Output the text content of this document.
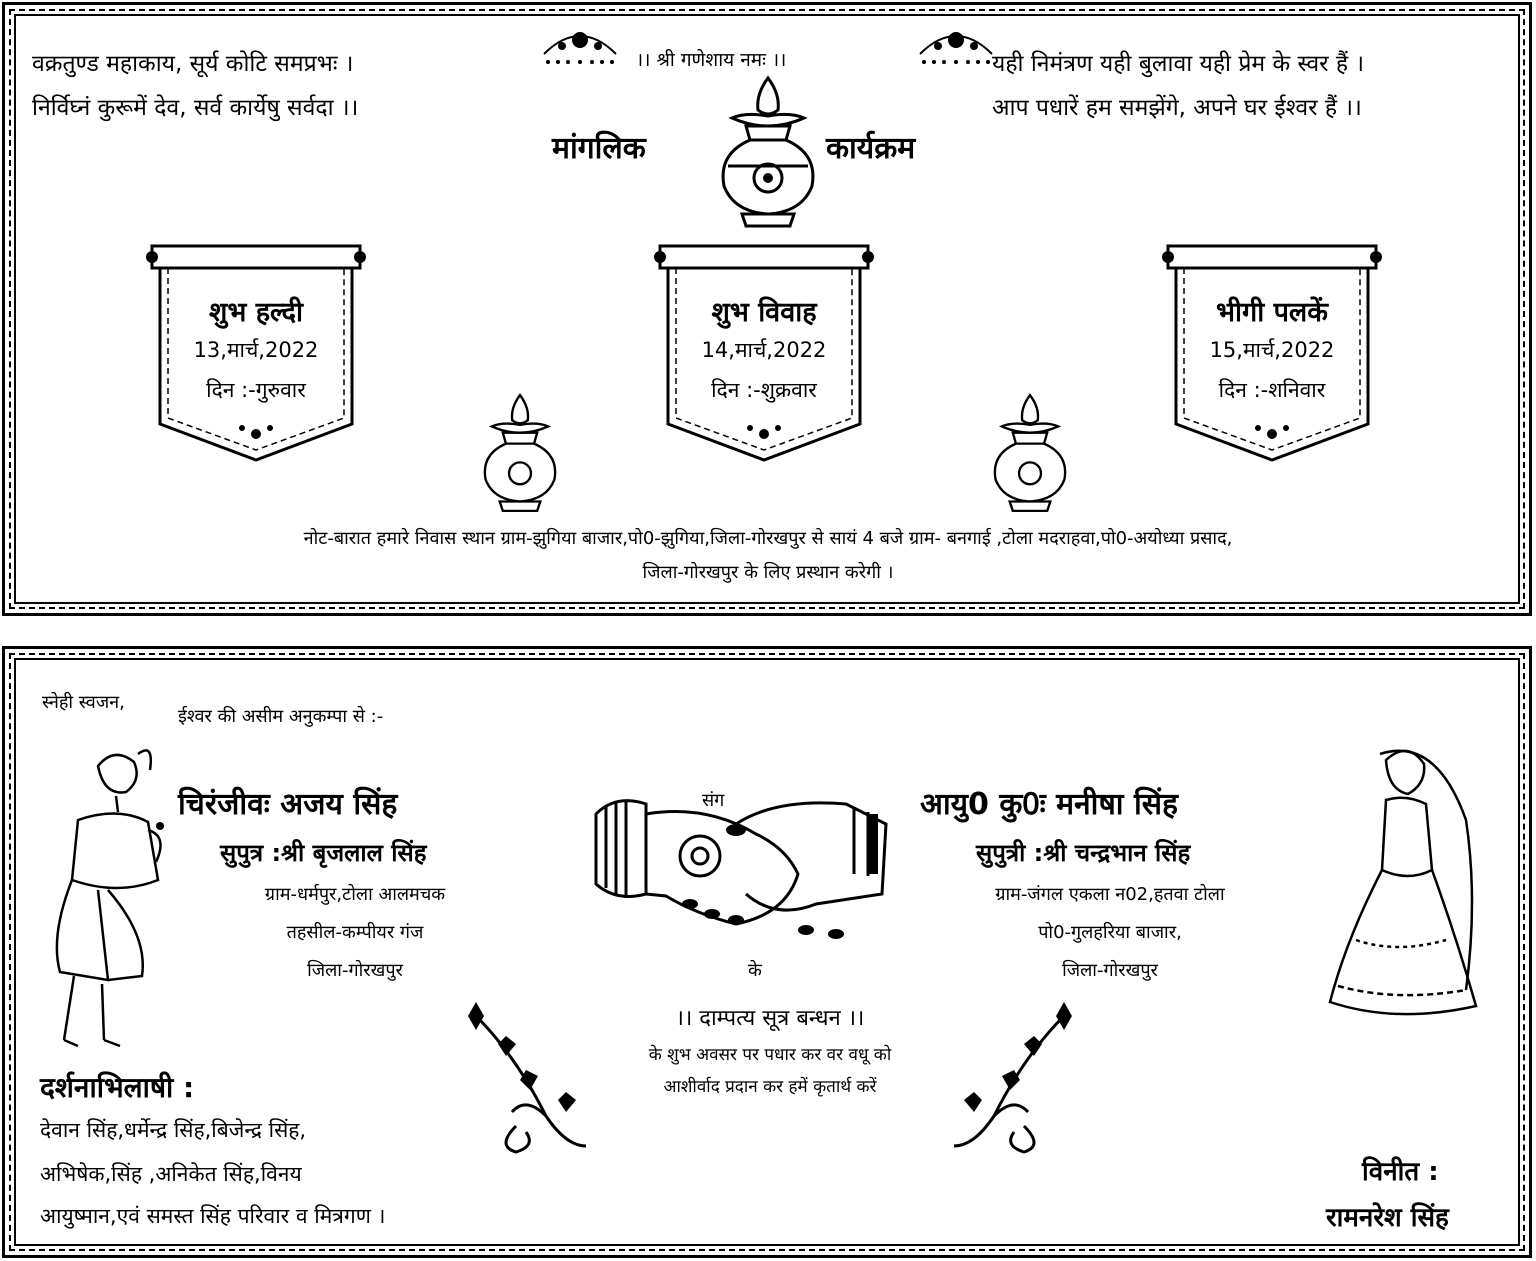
वक्रतुण्ड महाकाय, सूर्य कोटि समप्रभः ।
निर्विघ्नं कुरूमें देव, सर्व कार्येषु सर्वदा ।।
।। श्री गणेशाय नमः ।।	यही निमंत्रण यही बुलावा यही प्रेम के स्वर हैं ।
आप पधारें हम समझेंगे, अपने घर ईश्वर हैं ।।
मांगलिक	कार्यक्रम
शुभ हल्दी
13,मार्च,2022
दिन :-गुरुवार
शुभ विवाह
14,मार्च,2022
दिन :-शुक्रवार
भीगी पलकें
15,मार्च,2022
दिन :-शनिवार
नोट-बारात हमारे निवास स्थान ग्राम-झुगिया बाजार,पो0-झुगिया,जिला-गोरखपुर से सायं 4 बजे ग्राम- बनगाई ,टोला मदराहवा,पो0-अयोध्या प्रसाद,
जिला-गोरखपुर के लिए प्रस्थान करेगी ।
स्नेही स्वजन,
ईश्वर की असीम अनुकम्पा से :-
चिरंजीवः अजय सिंह
सुपुत्र :श्री बृजलाल सिंह
ग्राम-धर्मपुर,टोला आलमचक
तहसील-कम्पीयर गंज
जिला-गोरखपुर
संग
के
आयु0 कु0ः मनीषा सिंह
सुपुत्री :श्री चन्द्रभान सिंह
ग्राम-जंगल एकला न02,हतवा टोला
पो0-गुलहरिया बाजार,
जिला-गोरखपुर
।। दाम्पत्य सूत्र बन्धन ।।
के शुभ अवसर पर पधार कर वर वधू को
आशीर्वाद प्रदान कर हमें कृतार्थ करें
दर्शनाभिलाषी :
देवान सिंह,धर्मेन्द्र सिंह,बिजेन्द्र सिंह,
अभिषेक,सिंह ,अनिकेत सिंह,विनय
आयुष्मान,एवं समस्त सिंह परिवार व मित्रगण ।
विनीत :
रामनरेश सिंह
